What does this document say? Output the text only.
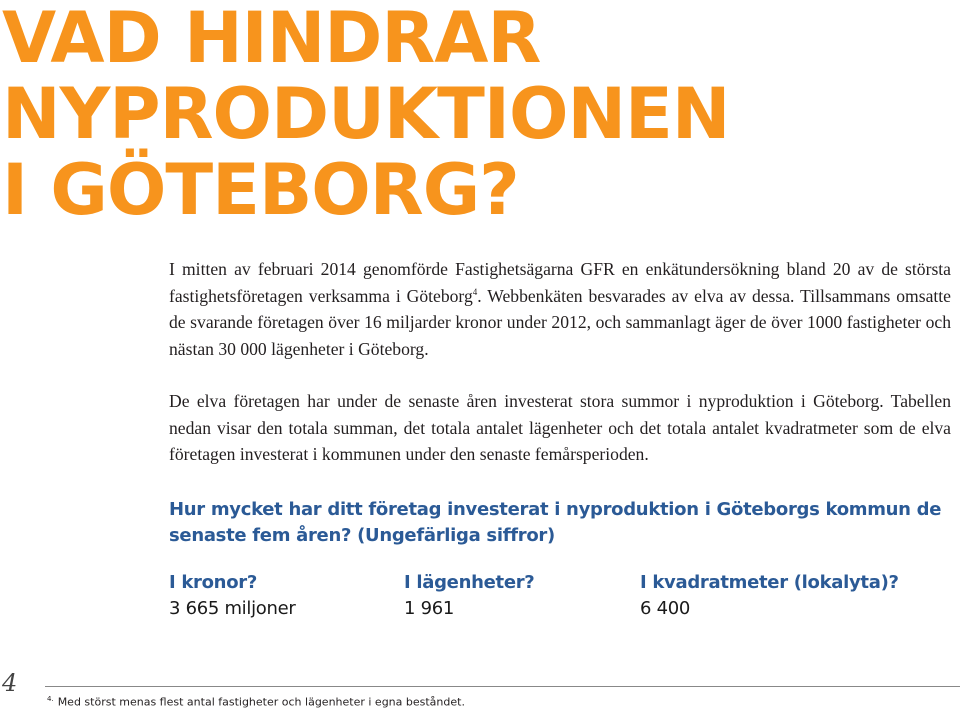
VAD HINDRAR
NYPRODUKTIONEN
I GÖTEBORG?

I mitten av februari 2014 genomförde Fastighetsägarna GFR en enkätundersökning bland 20 av de största fastighetsföretagen verksamma i Göteborg$^4$. Webbenkäten besvarades av elva av dessa. Tillsammans omsatte de svarande företagen över 16 miljarder kronor under 2012, och sammanlagt äger de över 1000 fastigheter och nästan 30 000 lägenheter i Göteborg.

De elva företagen har under de senaste åren investerat stora summor i nyproduktion i Göteborg. Tabellen nedan visar den totala summan, det totala antalet lägenheter och det totala antalet kvadratmeter som de elva företagen investerat i kommunen under den senaste femårsperioden.

Hur mycket har ditt företag investerat i nyproduktion i Göteborgs kommun de senaste fem åren? (Ungefärliga siffror)

I kronor?
3 665 miljoner
I lägenheter?
1 961
I kvadratmeter (lokalyta)?
6 400
4
$^{4.}$ Med störst menas flest antal fastigheter och lägenheter i egna beståndet.
